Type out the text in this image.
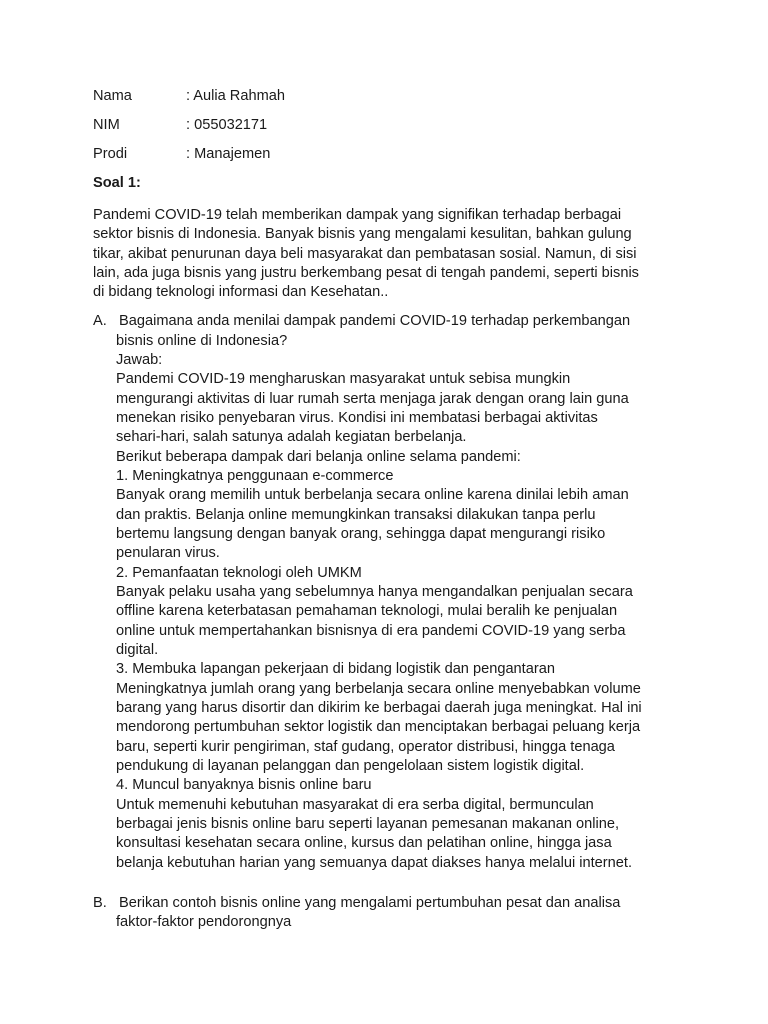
Nama	: Aulia Rahmah
NIM	: 055032171
Prodi	: Manajemen
Soal 1:
Pandemi COVID-19 telah memberikan dampak yang signifikan terhadap berbagai
sektor bisnis di Indonesia. Banyak bisnis yang mengalami kesulitan, bahkan gulung
tikar, akibat penurunan daya beli masyarakat dan pembatasan sosial. Namun, di sisi
lain, ada juga bisnis yang justru berkembang pesat di tengah pandemi, seperti bisnis
di bidang teknologi informasi dan Kesehatan..
A. Bagaimana anda menilai dampak pandemi COVID-19 terhadap perkembangan
bisnis online di Indonesia?
Jawab:
Pandemi COVID-19 mengharuskan masyarakat untuk sebisa mungkin
mengurangi aktivitas di luar rumah serta menjaga jarak dengan orang lain guna
menekan risiko penyebaran virus. Kondisi ini membatasi berbagai aktivitas
sehari-hari, salah satunya adalah kegiatan berbelanja.
Berikut beberapa dampak dari belanja online selama pandemi:
1. Meningkatnya penggunaan e-commerce
Banyak orang memilih untuk berbelanja secara online karena dinilai lebih aman
dan praktis. Belanja online memungkinkan transaksi dilakukan tanpa perlu
bertemu langsung dengan banyak orang, sehingga dapat mengurangi risiko
penularan virus.
2. Pemanfaatan teknologi oleh UMKM
Banyak pelaku usaha yang sebelumnya hanya mengandalkan penjualan secara
offline karena keterbatasan pemahaman teknologi, mulai beralih ke penjualan
online untuk mempertahankan bisnisnya di era pandemi COVID-19 yang serba
digital.
3. Membuka lapangan pekerjaan di bidang logistik dan pengantaran
Meningkatnya jumlah orang yang berbelanja secara online menyebabkan volume
barang yang harus disortir dan dikirim ke berbagai daerah juga meningkat. Hal ini
mendorong pertumbuhan sektor logistik dan menciptakan berbagai peluang kerja
baru, seperti kurir pengiriman, staf gudang, operator distribusi, hingga tenaga
pendukung di layanan pelanggan dan pengelolaan sistem logistik digital.
4. Muncul banyaknya bisnis online baru
Untuk memenuhi kebutuhan masyarakat di era serba digital, bermunculan
berbagai jenis bisnis online baru seperti layanan pemesanan makanan online,
konsultasi kesehatan secara online, kursus dan pelatihan online, hingga jasa
belanja kebutuhan harian yang semuanya dapat diakses hanya melalui internet.
B. Berikan contoh bisnis online yang mengalami pertumbuhan pesat dan analisa
faktor-faktor pendorongnya
